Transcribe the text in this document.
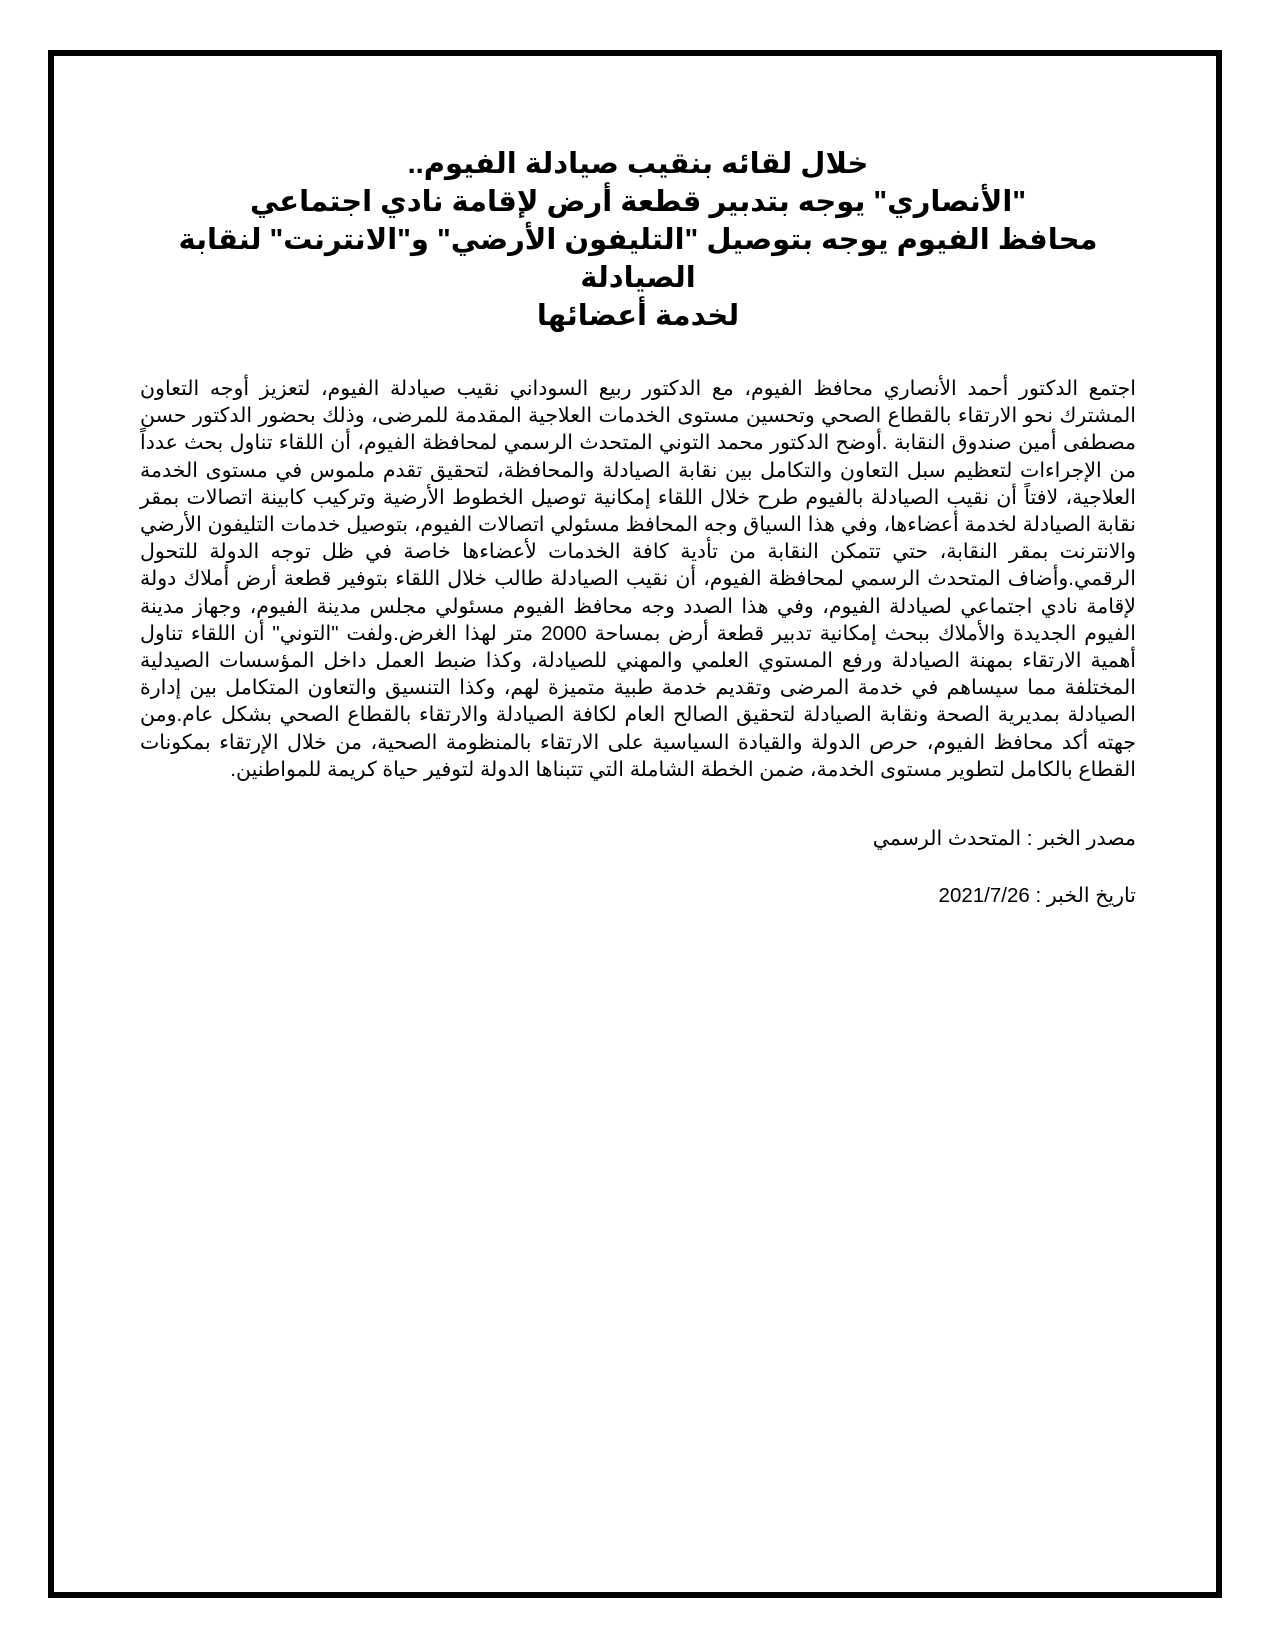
خلال لقائه بنقيب صيادلة الفيوم..
"الأنصاري" يوجه بتدبير قطعة أرض لإقامة نادي اجتماعي
محافظ الفيوم يوجه بتوصيل "التليفون الأرضي" و"الانترنت" لنقابة الصيادلة
لخدمة أعضائها

اجتمع الدكتور أحمد الأنصاري محافظ الفيوم، مع الدكتور ربيع السوداني نقيب صيادلة الفيوم، لتعزيز أوجه التعاون المشترك نحو الارتقاء بالقطاع الصحي وتحسين مستوى الخدمات العلاجية المقدمة للمرضى، وذلك بحضور الدكتور حسن مصطفى أمين صندوق النقابة .أوضح الدكتور محمد التوني المتحدث الرسمي لمحافظة الفيوم، أن اللقاء تناول بحث عدداً من الإجراءات لتعظيم سبل التعاون والتكامل بين نقابة الصيادلة والمحافظة، لتحقيق تقدم ملموس في مستوى الخدمة العلاجية، لافتاً أن نقيب الصيادلة بالفيوم طرح خلال اللقاء إمكانية توصيل الخطوط الأرضية وتركيب كابينة اتصالات بمقر نقابة الصيادلة لخدمة أعضاءها، وفي هذا السياق وجه المحافظ مسئولي اتصالات الفيوم، بتوصيل خدمات التليفون الأرضي والانترنت بمقر النقابة، حتي تتمكن النقابة من تأدية كافة الخدمات لأعضاءها خاصة في ظل توجه الدولة للتحول الرقمي.وأضاف المتحدث الرسمي لمحافظة الفيوم، أن نقيب الصيادلة طالب خلال اللقاء بتوفير قطعة أرض أملاك دولة لإقامة نادي اجتماعي لصيادلة الفيوم، وفي هذا الصدد وجه محافظ الفيوم مسئولي مجلس مدينة الفيوم، وجهاز مدينة الفيوم الجديدة والأملاك ببحث إمكانية تدبير قطعة أرض بمساحة 2000 متر لهذا الغرض.ولفت "التوني" أن اللقاء تناول أهمية الارتقاء بمهنة الصيادلة ورفع المستوي العلمي والمهني للصيادلة، وكذا ضبط العمل داخل المؤسسات الصيدلية المختلفة مما سيساهم في خدمة المرضى وتقديم خدمة طبية متميزة لهم، وكذا التنسيق والتعاون المتكامل بين إدارة الصيادلة بمديرية الصحة ونقابة الصيادلة لتحقيق الصالح العام لكافة الصيادلة والارتقاء بالقطاع الصحي بشكل عام.ومن جهته أكد محافظ الفيوم، حرص الدولة والقيادة السياسية على الارتقاء بالمنظومة الصحية، من خلال الإرتقاء بمكونات القطاع بالكامل لتطوير مستوى الخدمة، ضمن الخطة الشاملة التي تتبناها الدولة لتوفير حياة كريمة للمواطنين.

مصدر الخبر : المتحدث الرسمي

تاريخ الخبر : 2021/7/26
